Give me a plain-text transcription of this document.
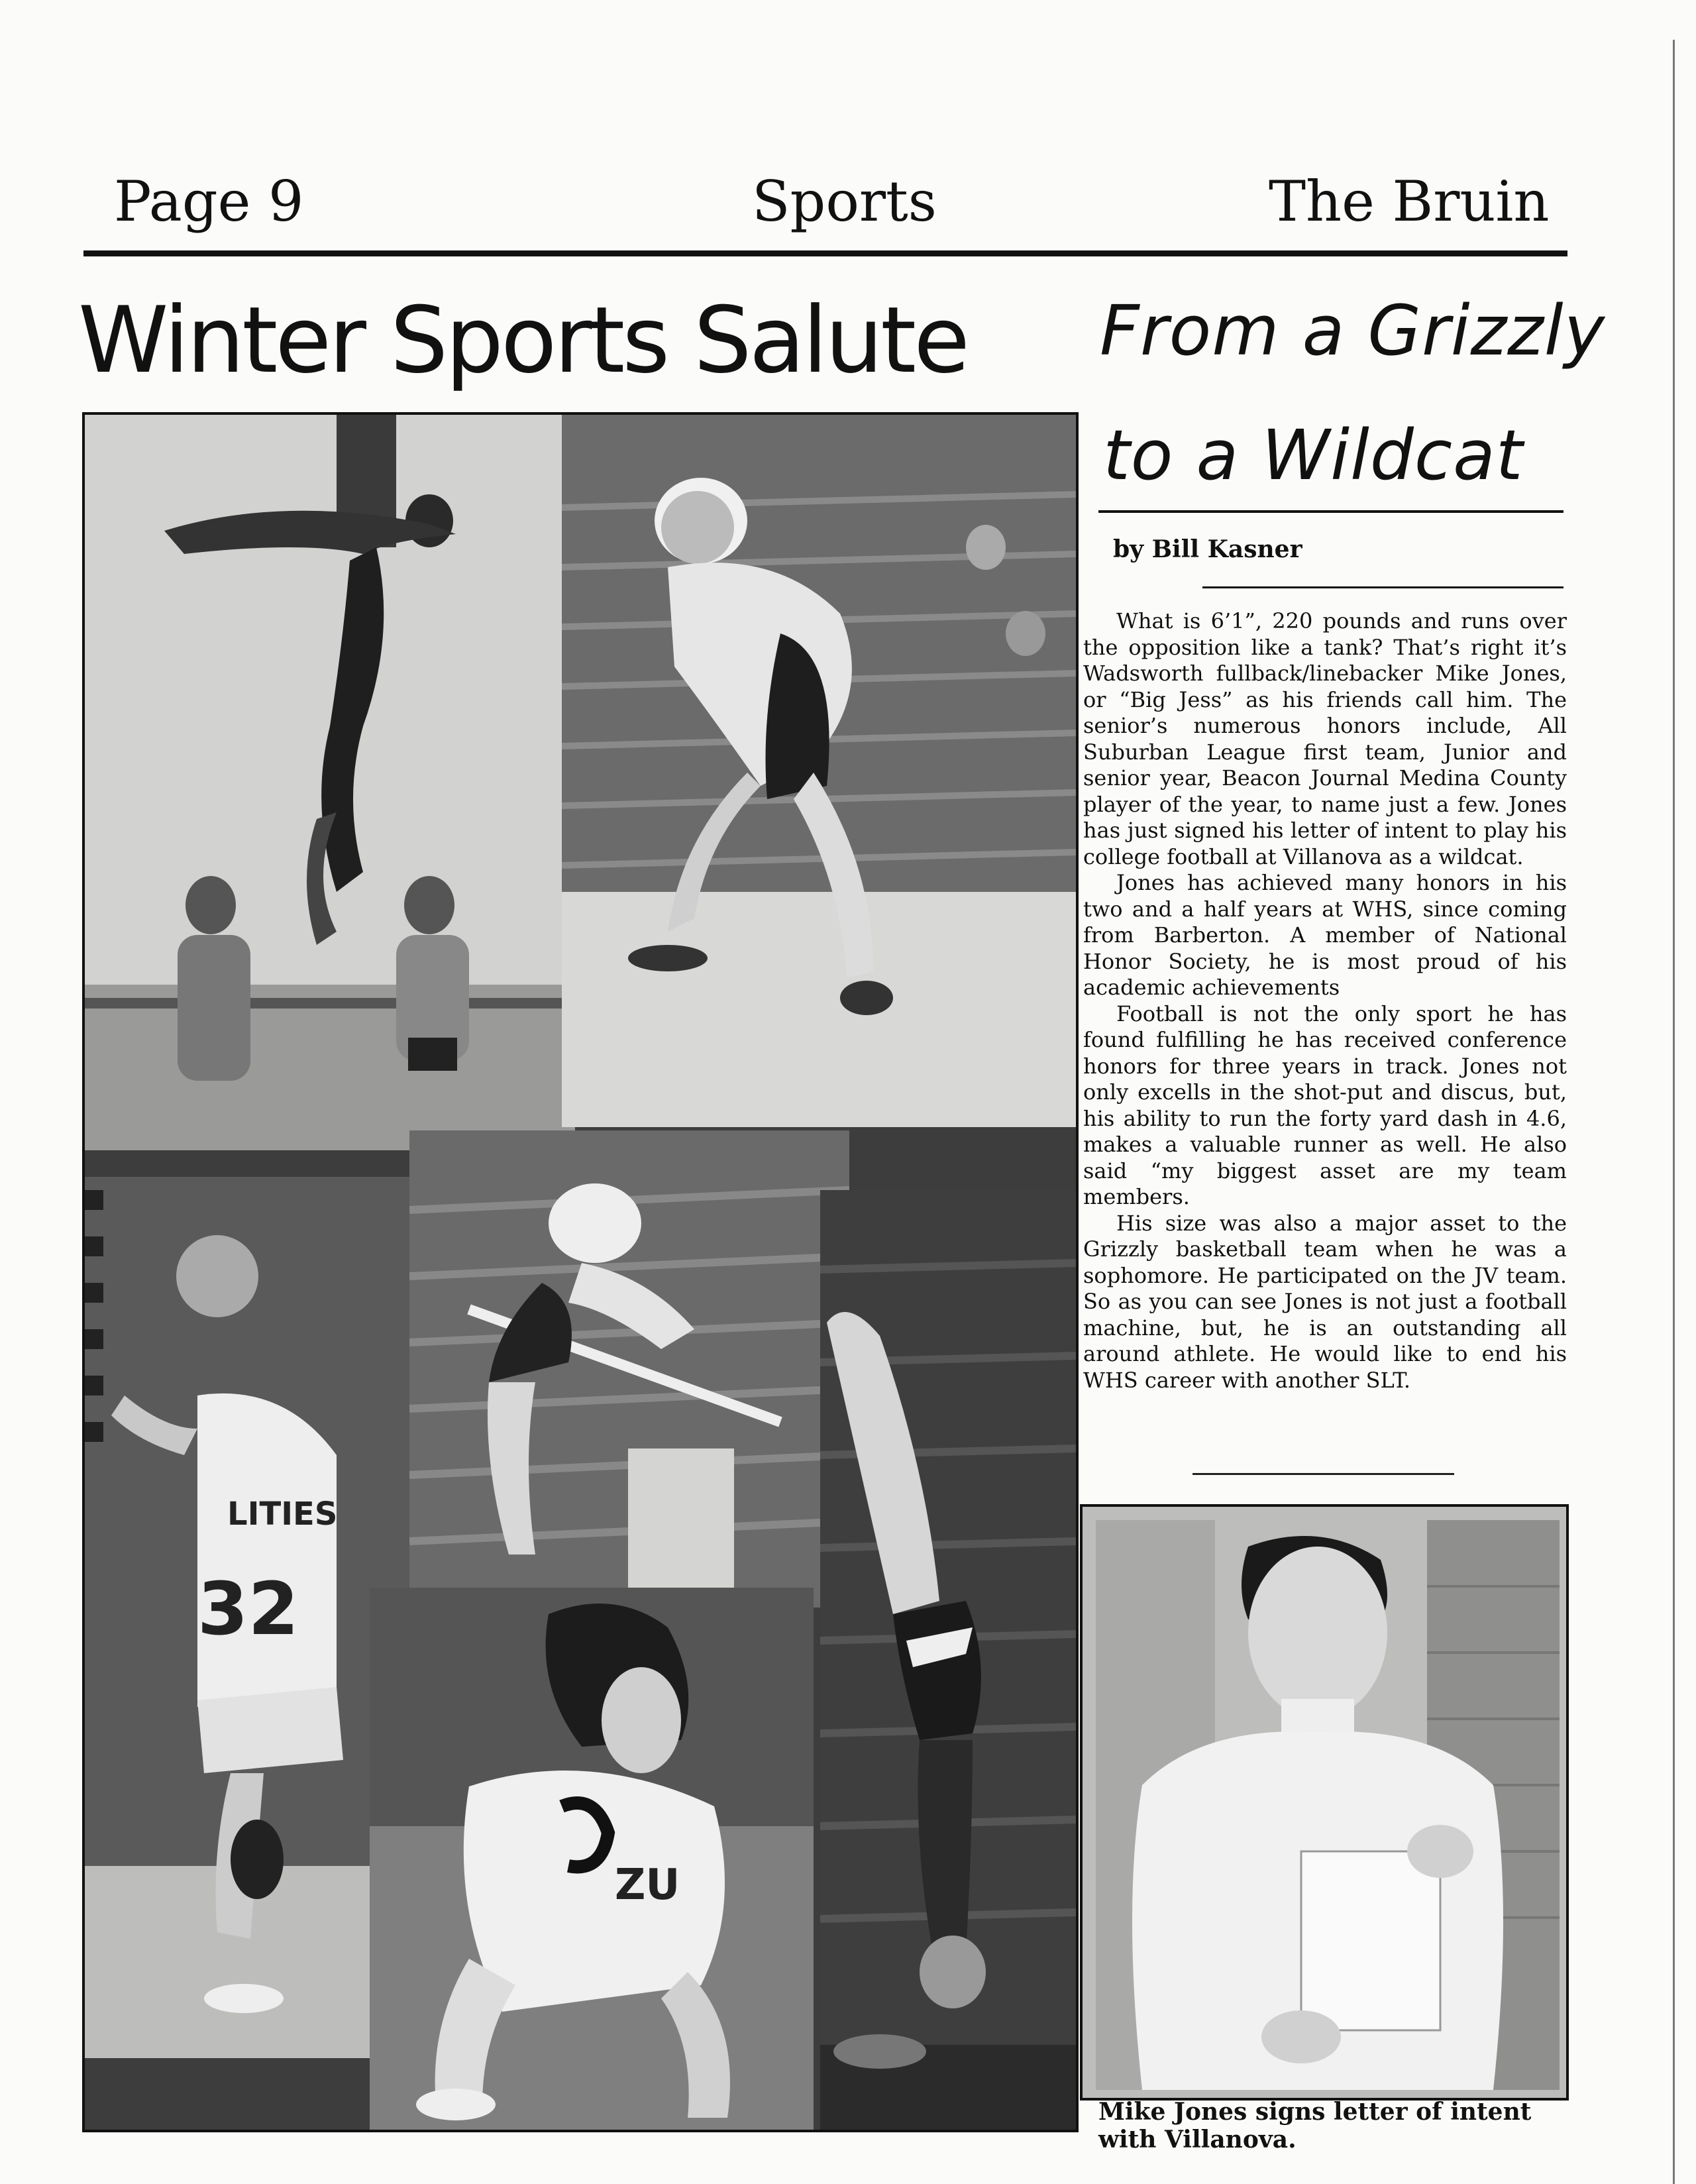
Page 9	Sports	The Bruin
Winter Sports Salute From a Grizzly
to a Wildcat
by Bill Kasner

What is 6’1”, 220 pounds and runs over the opposition like a tank? That’s right it’s Wadsworth fullback/linebacker Mike Jones, or “Big Jess” as his friends call him. The senior’s numerous honors include, All Suburban League first team, Junior and senior year, Beacon Journal Medina County player of the year, to name just a few. Jones has just signed his letter of intent to play his college football at Villanova as a wildcat.

Jones has achieved many honors in his two and a half years at WHS, since coming from Barberton. A member of National Honor Society, he is most proud of his academic achievements

Football is not the only sport he has found fulfilling he has received conference honors for three years in track. Jones not only excells in the shot-put and discus, but, his ability to run the forty yard dash in 4.6, makes a valuable runner as well. He also said “my biggest asset are my team members.

His size was also a major asset to the Grizzly basketball team when he was a sophomore. He participated on the JV team. So as you can see Jones is not just a football machine, but, he is an outstanding all around athlete. He would like to end his WHS career with another SLT.

LITIES
32
ZU
Mike Jones signs letter of intent with Villanova.
